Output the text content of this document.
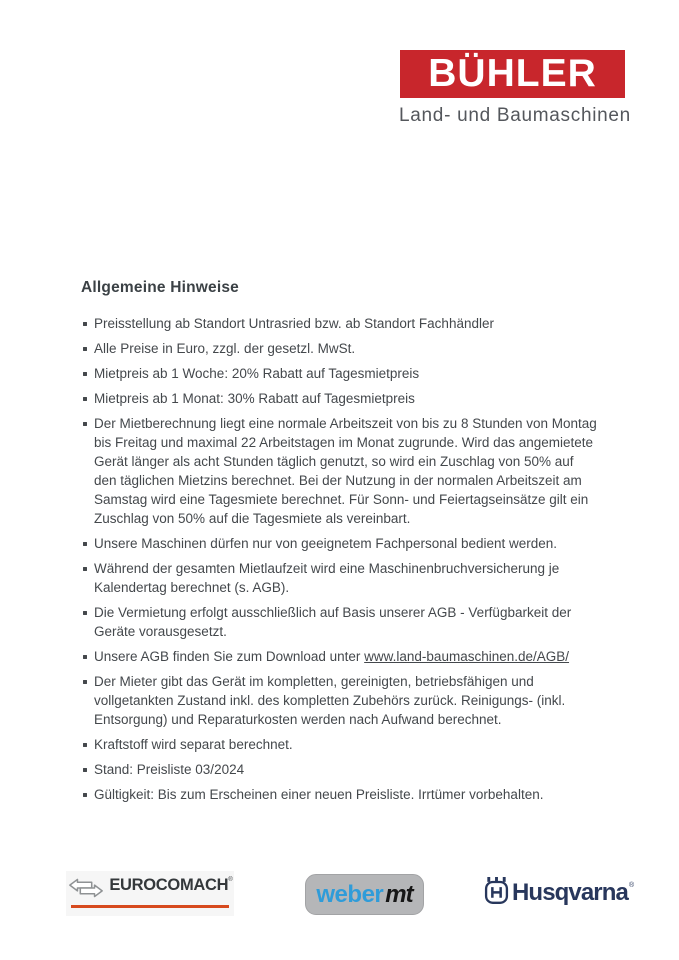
BÜHLER
Land- und Baumaschinen
Allgemeine Hinweise
Preisstellung ab Standort Untrasried bzw. ab Standort Fachhändler
Alle Preise in Euro, zzgl. der gesetzl. MwSt.
Mietpreis ab 1 Woche: 20% Rabatt auf Tagesmietpreis
Mietpreis ab 1 Monat: 30% Rabatt auf Tagesmietpreis
Der Mietberechnung liegt eine normale Arbeitszeit von bis zu 8 Stunden von Montag bis Freitag und maximal 22 Arbeitstagen im Monat zugrunde. Wird das angemietete Gerät länger als acht Stunden täglich genutzt, so wird ein Zuschlag von 50% auf den täglichen Mietzins berechnet. Bei der Nutzung in der normalen Arbeitszeit am Samstag wird eine Tagesmiete berechnet. Für Sonn- und Feiertagseinsätze gilt ein Zuschlag von 50% auf die Tagesmiete als vereinbart.
Unsere Maschinen dürfen nur von geeignetem Fachpersonal bedient werden.
Während der gesamten Mietlaufzeit wird eine Maschinenbruchversicherung je Kalendertag berechnet (s. AGB).
Die Vermietung erfolgt ausschließlich auf Basis unserer AGB - Verfügbarkeit der Geräte vorausgesetzt.
Unsere AGB finden Sie zum Download unter www.land-baumaschinen.de/AGB/
Der Mieter gibt das Gerät im kompletten, gereinigten, betriebsfähigen und vollgetankten Zustand inkl. des kompletten Zubehörs zurück. Reinigungs- (inkl. Entsorgung) und Reparaturkosten werden nach Aufwand berechnet.
Kraftstoff wird separat berechnet.
Stand: Preisliste 03/2024
Gültigkeit: Bis zum Erscheinen einer neuen Preisliste. Irrtümer vorbehalten.
EUROCOMACH ®
weber mt	Husqvarna ®
